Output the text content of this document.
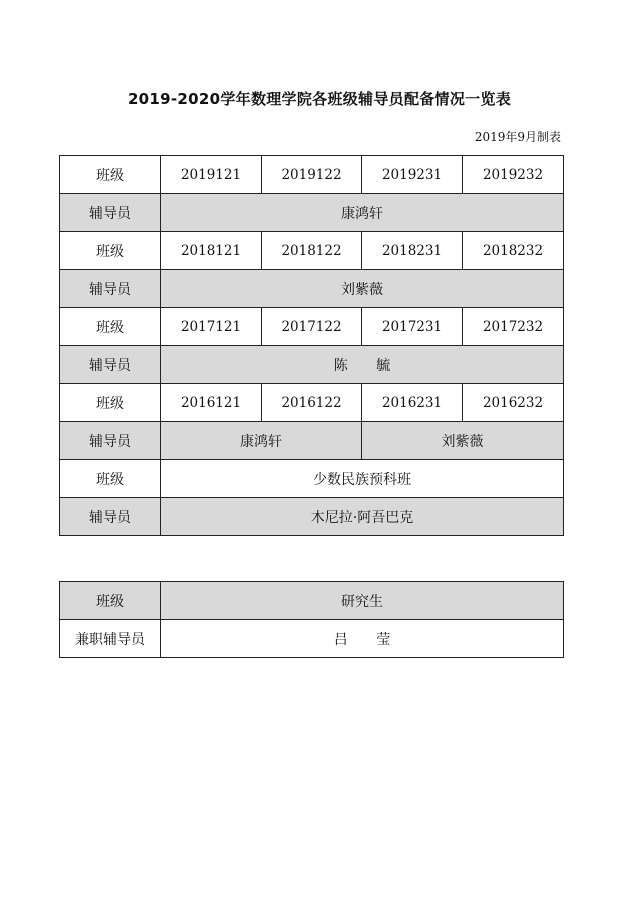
2019-2020学年数理学院各班级辅导员配备情况一览表
2019年9月制表
班级	2019121	2019122	2019231	2019232
辅导员	康鸿轩			
班级	2018121	2018122	2018231	2018232
辅导员	刘紫薇			
班级	2017121	2017122	2017231	2017232
辅导员	陈 毓			
班级	2016121	2016122	2016231	2016232
辅导员	康鸿轩		刘紫薇	
班级	少数民族预科班			
辅导员	木尼拉·阿吾巴克			
班级	研究生
兼职辅导员	吕 莹
